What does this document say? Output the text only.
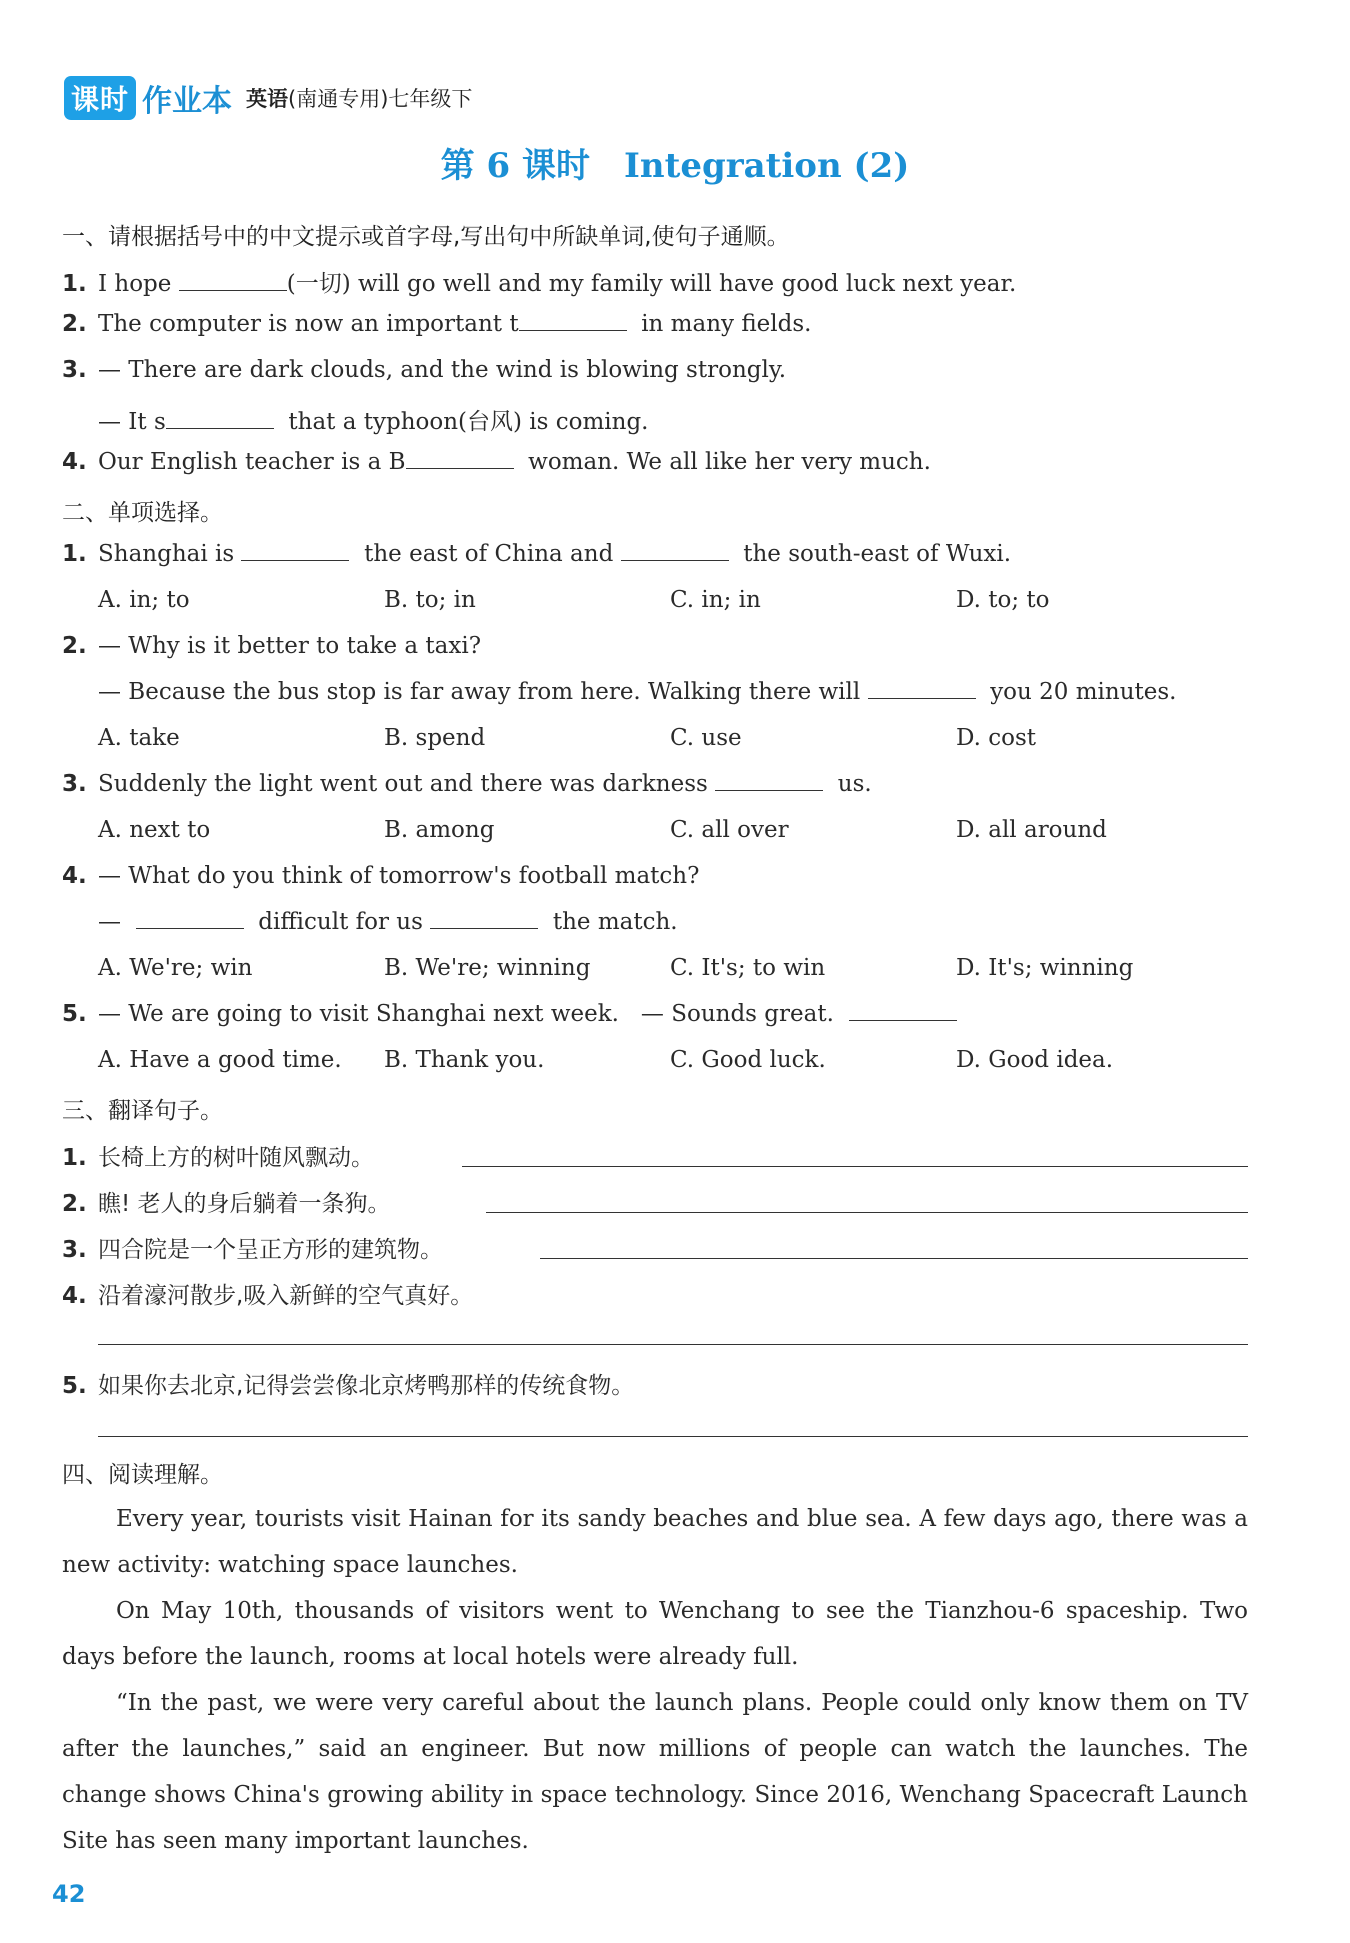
课时 作业本 英语(南通专用)七年级下
第 6 课时 Integration (2)
一、请根据括号中的中文提示或首字母,写出句中所缺单词,使句子通顺。
1. I hope	(一切) will go well and my family will have good luck next year.
2. The computer is now an important t	in many fields.
3. — There are dark clouds, and the wind is blowing strongly.
— It s	that a typhoon(台风) is coming.
4. Our English teacher is a B	woman. We all like her very much.
二、单项选择。
1. Shanghai is	the east of China and	the south-east of Wuxi.
A. in; to	B. to; in	C. in; in	D. to; to
2. — Why is it better to take a taxi?
— Because the bus stop is far away from here. Walking there will	you 20 minutes.
A. take	B. spend	C. use	D. cost
3. Suddenly the light went out and there was darkness	us.
A. next to	B. among	C. all over	D. all around
4. — What do you think of tomorrow's football match?
—	difficult for us	the match.
A. We're; win	B. We're; winning	C. It's; to win	D. It's; winning
5. — We are going to visit Shanghai next week. — Sounds great.
A. Have a good time. B. Thank you.	C. Good luck.	D. Good idea.
三、翻译句子。
1. 长椅上方的树叶随风飘动。
2. 瞧! 老人的身后躺着一条狗。
3. 四合院是一个呈正方形的建筑物。
4. 沿着濠河散步,吸入新鲜的空气真好。
5. 如果你去北京,记得尝尝像北京烤鸭那样的传统食物。
四、阅读理解。
Every year, tourists visit Hainan for its sandy beaches and blue sea. A few days ago, there was a new activity: watching space launches.
On May 10th, thousands of visitors went to Wenchang to see the Tianzhou-6 spaceship. Two days before the launch, rooms at local hotels were already full.
“In the past, we were very careful about the launch plans. People could only know them on TV after the launches,” said an engineer. But now millions of people can watch the launches. The change shows China's growing ability in space technology. Since 2016, Wenchang Spacecraft Launch Site has seen many important launches.
42
